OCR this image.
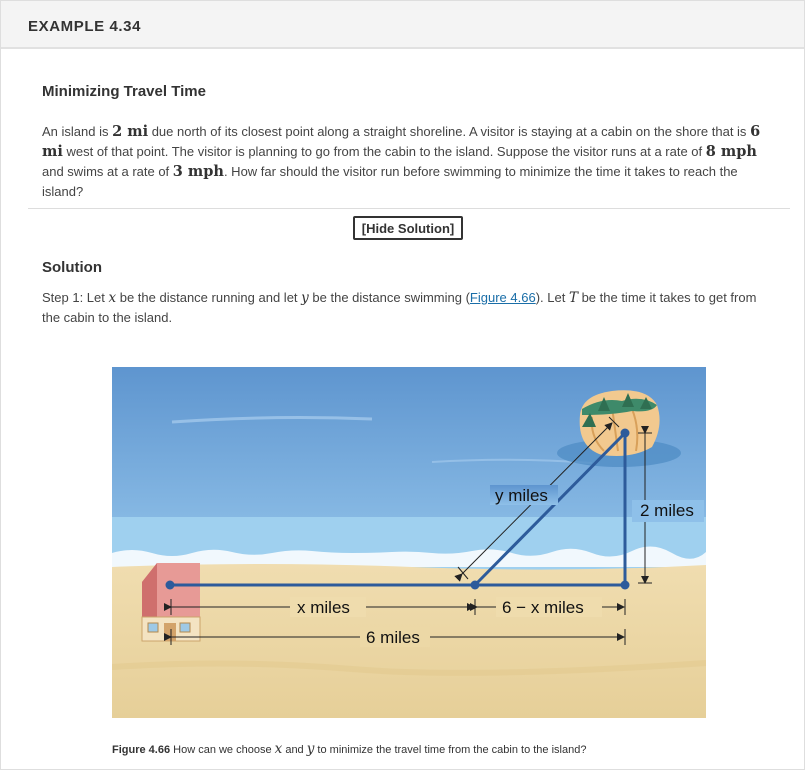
EXAMPLE 4.34
Minimizing Travel Time
An island is 2 mi due north of its closest point along a straight shoreline. A visitor is staying at a cabin on the shore that is 6 mi west of that point. The visitor is planning to go from the cabin to the island. Suppose the visitor runs at a rate of 8 mph and swims at a rate of 3 mph. How far should the visitor run before swimming to minimize the time it takes to reach the island?
[Hide Solution]
Solution
Step 1: Let x be the distance running and let y be the distance swimming (Figure 4.66). Let T be the time it takes to get from the cabin to the island.
y miles
2 miles
x miles	6 − x miles
6 miles
Figure 4.66 How can we choose x and y to minimize the travel time from the cabin to the island?
